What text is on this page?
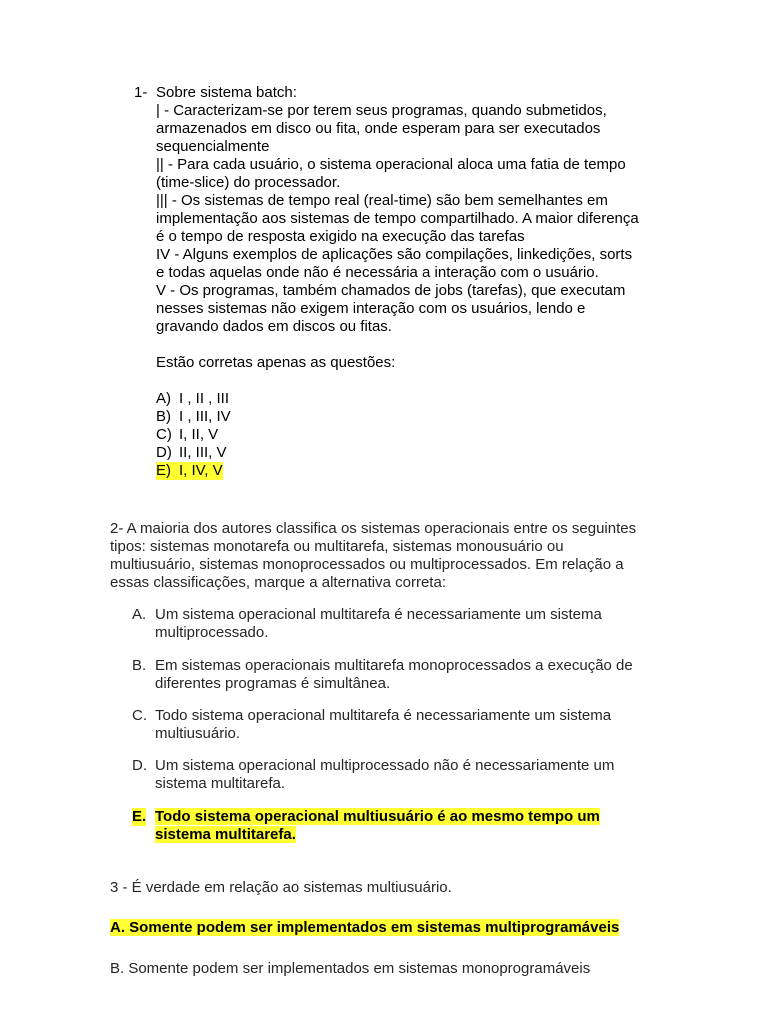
1- Sobre sistema batch:
| - Caracterizam-se por terem seus programas, quando submetidos,
armazenados em disco ou fita, onde esperam para ser executados
sequencialmente
|| - Para cada usuário, o sistema operacional aloca uma fatia de tempo
(time-slice) do processador.
||| - Os sistemas de tempo real (real-time) são bem semelhantes em
implementação aos sistemas de tempo compartilhado. A maior diferença
é o tempo de resposta exigido na execução das tarefas
IV - Alguns exemplos de aplicações são compilações, linkedições, sorts
e todas aquelas onde não é necessária a interação com o usuário.
V - Os programas, também chamados de jobs (tarefas), que executam
nesses sistemas não exigem interação com os usuários, lendo e
gravando dados em discos ou fitas.
Estão corretas apenas as questões:
A) I , II , III
B) I , III, IV
C) I, II, V
D) II, III, V
E) I, IV, V
2- A maioria dos autores classifica os sistemas operacionais entre os seguintes
tipos: sistemas monotarefa ou multitarefa, sistemas monousuário ou
multiusuário, sistemas monoprocessados ou multiprocessados. Em relação a
essas classificações, marque a alternativa correta:
A. Um sistema operacional multitarefa é necessariamente um sistema
multiprocessado.
B. Em sistemas operacionais multitarefa monoprocessados a execução de
diferentes programas é simultânea.
C. Todo sistema operacional multitarefa é necessariamente um sistema
multiusuário.
D. Um sistema operacional multiprocessado não é necessariamente um
sistema multitarefa.
E. Todo sistema operacional multiusuário é ao mesmo tempo um
sistema multitarefa.
3 - É verdade em relação ao sistemas multiusuário.
A. Somente podem ser implementados em sistemas multiprogramáveis
B. Somente podem ser implementados em sistemas monoprogramáveis
